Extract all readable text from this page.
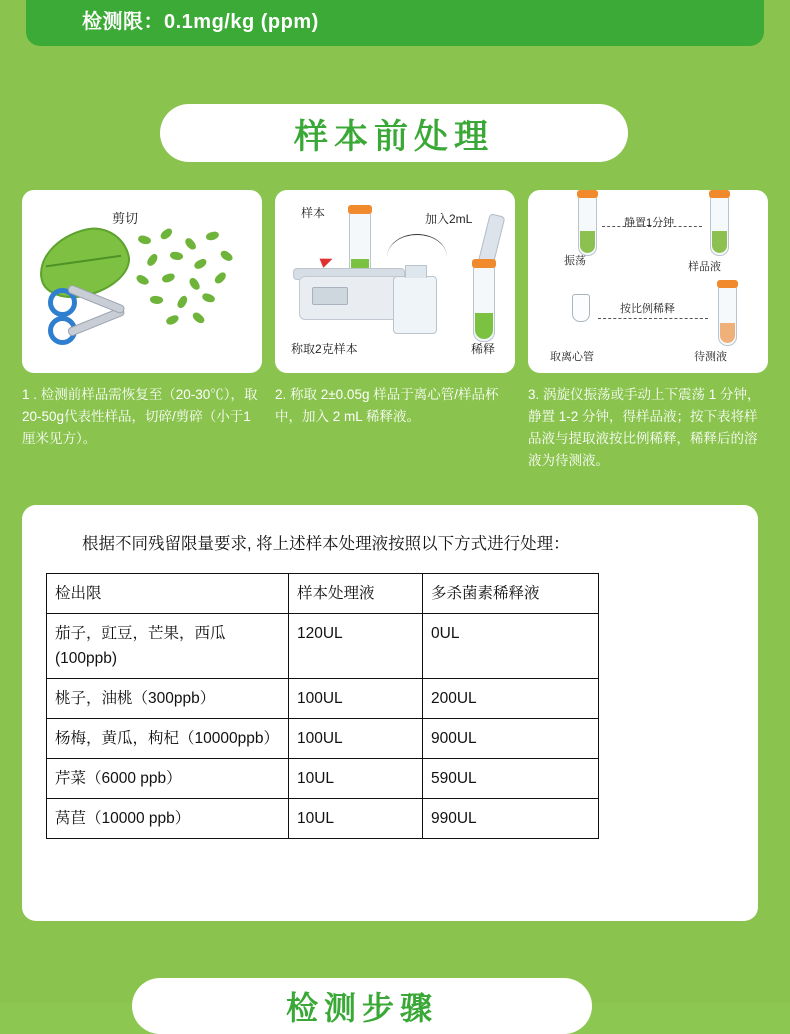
检测限：0.1mg/kg (ppm)
样本前处理
剪切	样本	加入2mL
称取2克样本	稀释
静置1分钟
振荡	样品液
按比例稀释
取离心管	待测液
1 . 检测前样品需恢复至（20-30℃），取20-50g代表性样品，切碎/剪碎（小于1厘米见方）。
2. 称取 2±0.05g 样品于离心管/样品杯中，加入 2 mL 稀释液。
3. 涡旋仪振荡或手动上下震荡 1 分钟，静置 1-2 分钟，得样品液；按下表将样品液与提取液按比例稀释，稀释后的溶液为待测液。
根据不同残留限量要求, 将上述样本处理液按照以下方式进行处理：
检出限	样本处理液	多杀菌素稀释液
茄子，豇豆，芒果，西瓜 (100ppb)	120UL	0UL
桃子，油桃（300ppb）	100UL	200UL
杨梅，黄瓜，枸杞（10000ppb）	100UL	900UL
芹菜（6000 ppb）	10UL	590UL
莴苣（10000 ppb）	10UL	990UL
检测步骤
